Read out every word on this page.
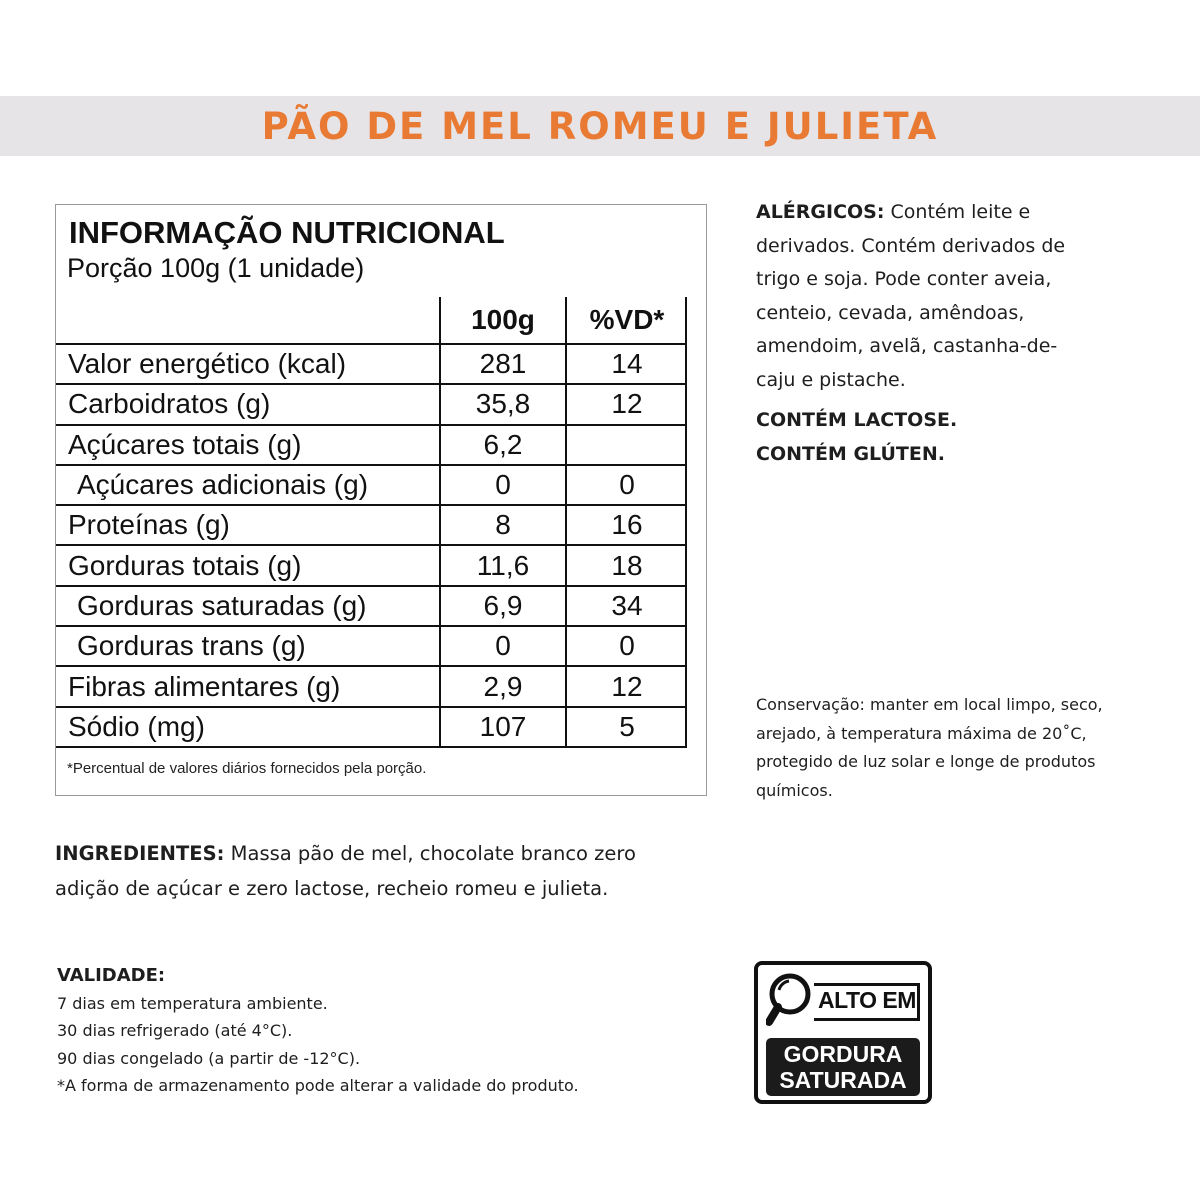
PÃO DE MEL ROMEU E JULIETA
INFORMAÇÃO NUTRICIONAL
Porção 100g (1 unidade)
100g	%VD*
Valor energético (kcal)	281	14
Carboidratos (g)	35,8	12
Açúcares totais (g)	6,2
Açúcares adicionais (g)	0	0
Proteínas (g)	8	16
Gorduras totais (g)	11,6	18
Gorduras saturadas (g)	6,9	34
Gorduras trans (g)	0	0
Fibras alimentares (g)	2,9	12
Sódio (mg)	107	5
*Percentual de valores diários fornecidos pela porção.
ALÉRGICOS: Contém leite e derivados. Contém derivados de trigo e soja. Pode conter aveia, centeio, cevada, amêndoas, amendoim, avelã, castanha-de-caju e pistache.
CONTÉM LACTOSE.
CONTÉM GLÚTEN.
Conservação: manter em local limpo, seco, arejado, à temperatura máxima de 20˚C, protegido de luz solar e longe de produtos químicos.
INGREDIENTES: Massa pão de mel, chocolate branco zero adição de açúcar e zero lactose, recheio romeu e julieta.
VALIDADE:
7 dias em temperatura ambiente.
30 dias refrigerado (até 4°C).
90 dias congelado (a partir de -12°C).
*A forma de armazenamento pode alterar a validade do produto.
ALTO EM
GORDURA
SATURADA
